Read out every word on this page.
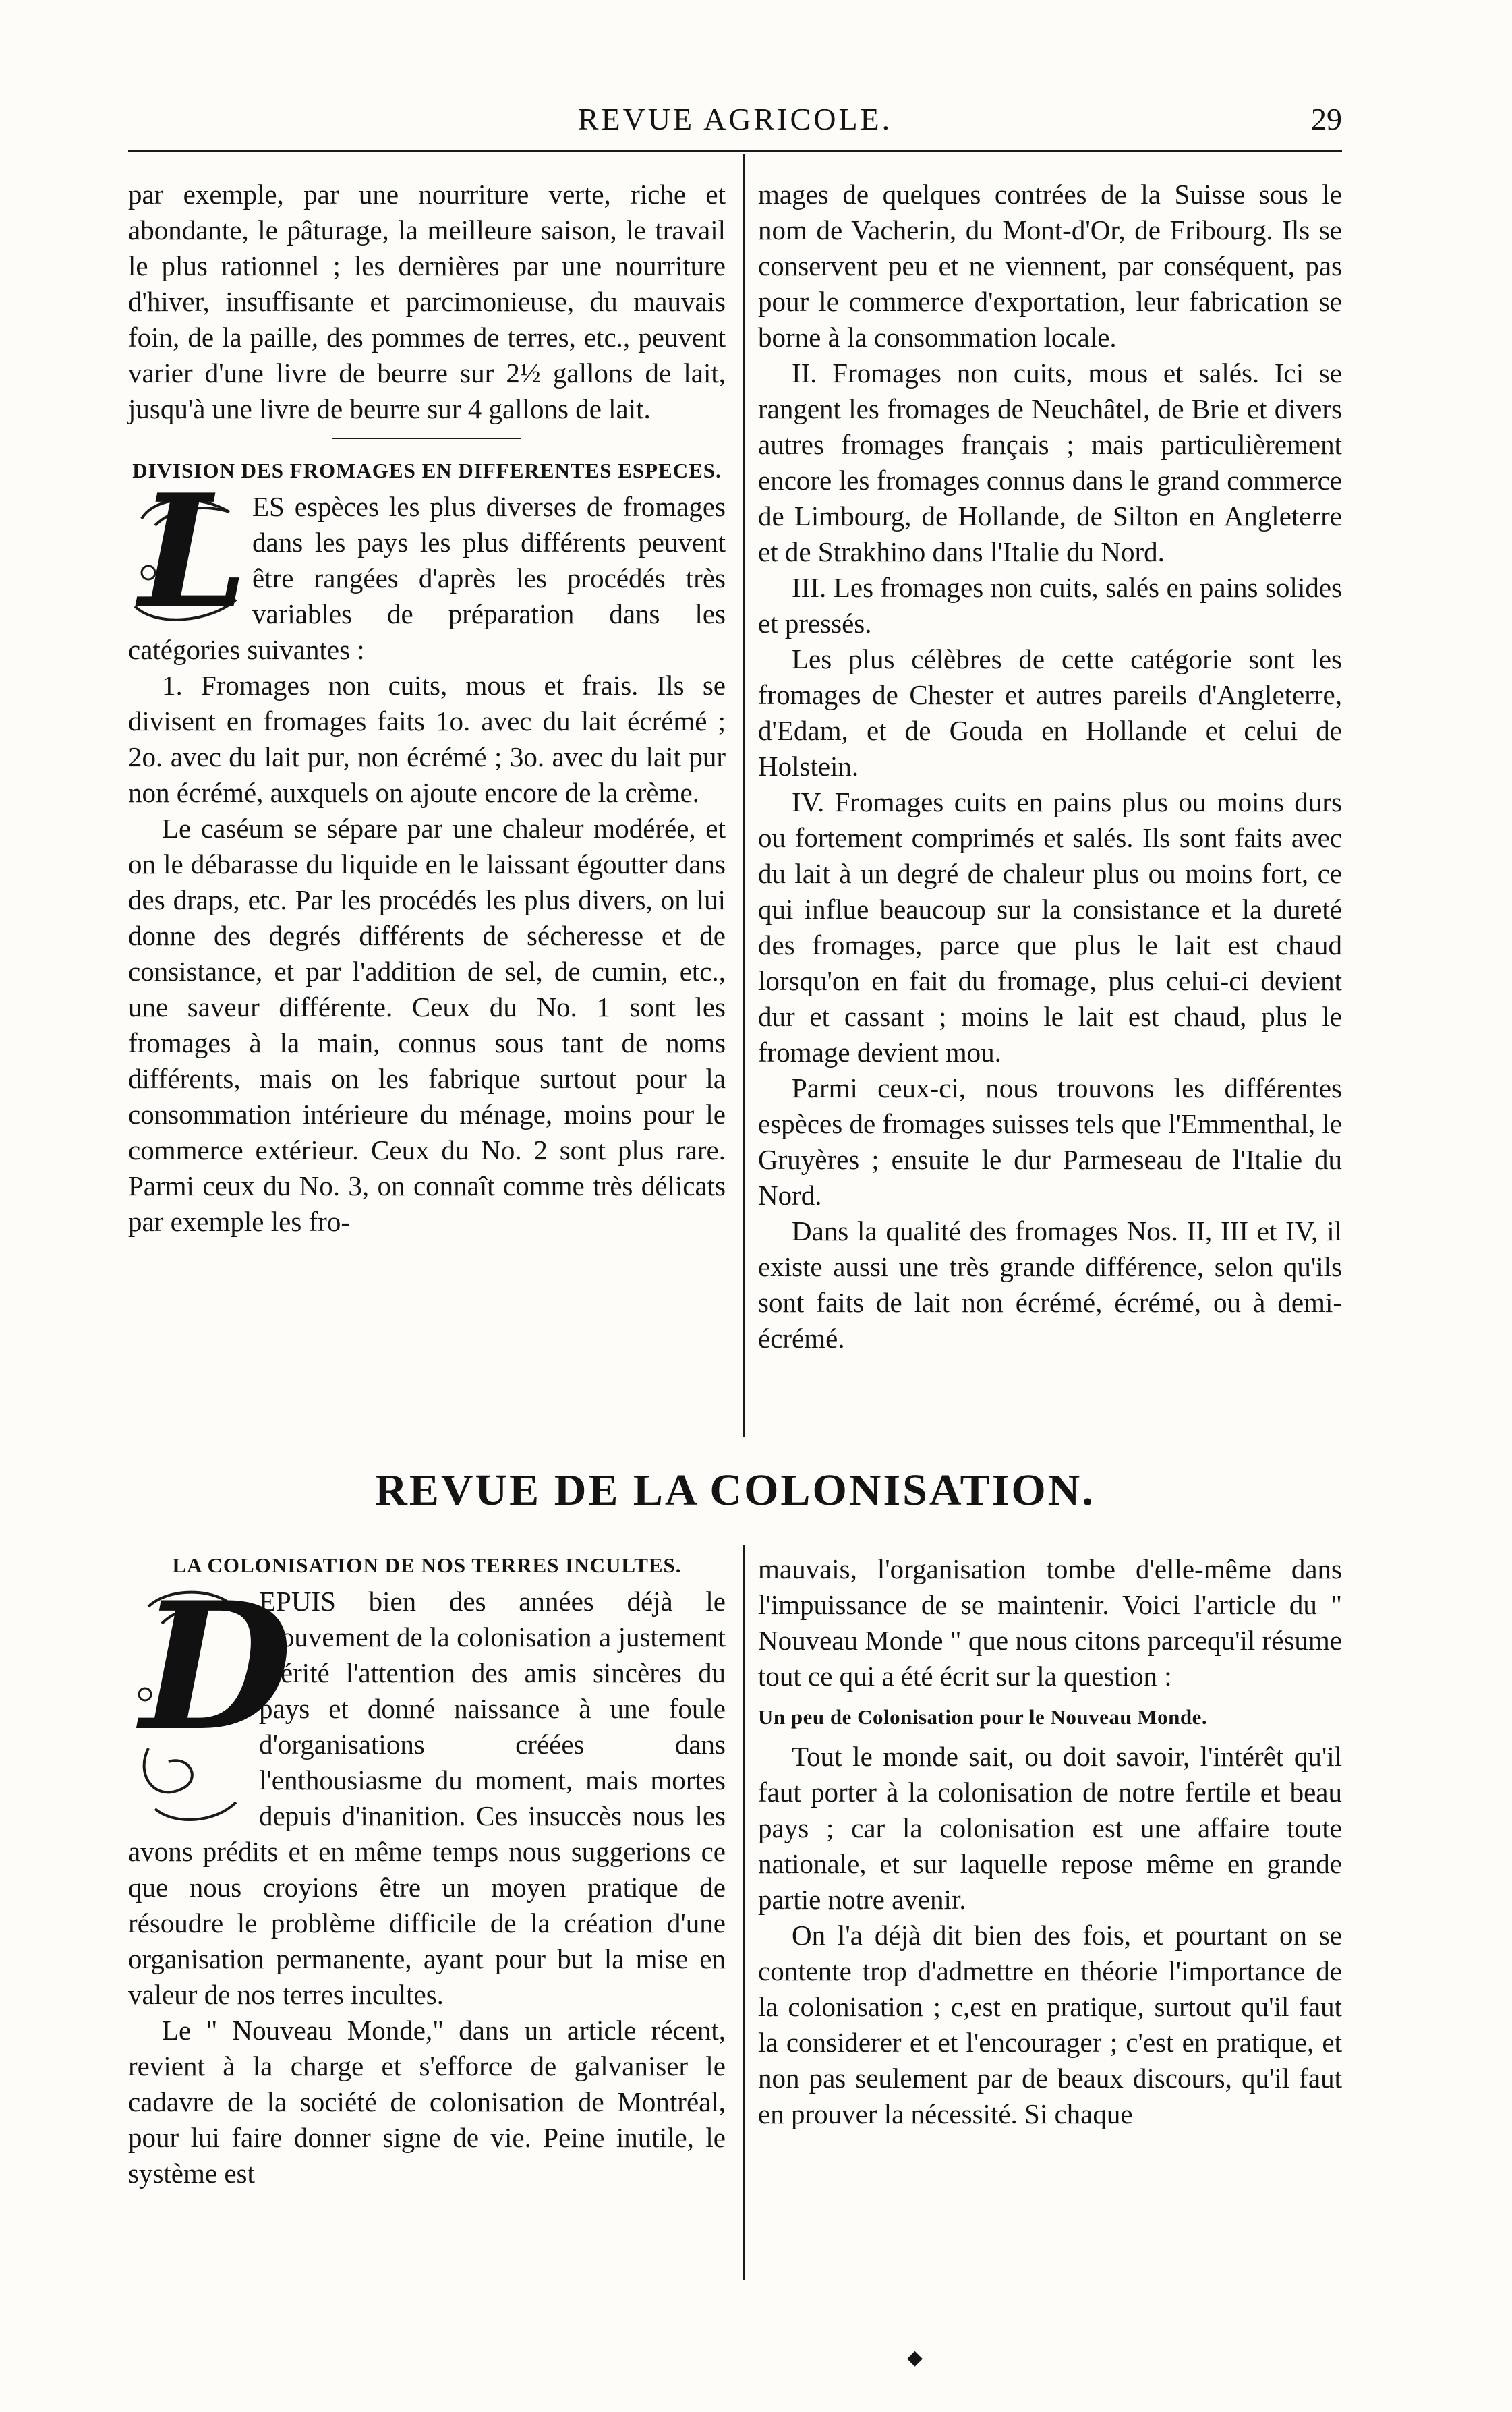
REVUE AGRICOLE.	29

par exemple, par une nourriture verte, riche et abondante, le pâturage, la meilleure saison, le travail le plus rationnel ; les dernières par une nourriture d'hiver, insuffisante et parcimonieuse, du mauvais foin, de la paille, des pommes de terres, etc., peuvent varier d'une livre de beurre sur 2½ gallons de lait, jusqu'à une livre de beurre sur 4 gallons de lait.

DIVISION DES FROMAGES EN DIFFERENTES ESPECES.

L ES espèces les plus diverses de fromages dans les pays les plus différents peuvent être rangées d'après les procédés très variables de préparation dans les catégories suivantes :

1. Fromages non cuits, mous et frais. Ils se divisent en fromages faits 1o. avec du lait écrémé ; 2o. avec du lait pur, non écrémé ; 3o. avec du lait pur non écrémé, auxquels on ajoute encore de la crème.

Le caséum se sépare par une chaleur modérée, et on le débarasse du liquide en le laissant égoutter dans des draps, etc. Par les procédés les plus divers, on lui donne des degrés différents de sécheresse et de consistance, et par l'addition de sel, de cumin, etc., une saveur différente. Ceux du No. 1 sont les fromages à la main, connus sous tant de noms différents, mais on les fabrique surtout pour la consommation intérieure du ménage, moins pour le commerce extérieur. Ceux du No. 2 sont plus rare. Parmi ceux du No. 3, on connaît comme très délicats par exemple les fro-

mages de quelques contrées de la Suisse sous le nom de Vacherin, du Mont-d'Or, de Fribourg. Ils se conservent peu et ne viennent, par conséquent, pas pour le commerce d'exportation, leur fabrication se borne à la consommation locale.

II. Fromages non cuits, mous et salés. Ici se rangent les fromages de Neuchâtel, de Brie et divers autres fromages français ; mais particulièrement encore les fromages connus dans le grand commerce de Limbourg, de Hollande, de Silton en Angleterre et de Strakhino dans l'Italie du Nord.

III. Les fromages non cuits, salés en pains solides et pressés.

Les plus célèbres de cette catégorie sont les fromages de Chester et autres pareils d'Angleterre, d'Edam, et de Gouda en Hollande et celui de Holstein.

IV. Fromages cuits en pains plus ou moins durs ou fortement comprimés et salés. Ils sont faits avec du lait à un degré de chaleur plus ou moins fort, ce qui influe beaucoup sur la consistance et la dureté des fromages, parce que plus le lait est chaud lorsqu'on en fait du fromage, plus celui-ci devient dur et cassant ; moins le lait est chaud, plus le fromage devient mou.

Parmi ceux-ci, nous trouvons les différentes espèces de fromages suisses tels que l'Emmenthal, le Gruyères ; ensuite le dur Parmeseau de l'Italie du Nord.

Dans la qualité des fromages Nos. II, III et IV, il existe aussi une très grande différence, selon qu'ils sont faits de lait non écrémé, écrémé, ou à demi-écrémé.

REVUE DE LA COLONISATION.
LA COLONISATION DE NOS TERRES INCULTES.

D
EPUIS bien des années déjà le mouvement de la colonisation a justement mérité l'attention des amis sincères du pays et donné naissance à une foule d'organisations créées dans l'enthousiasme du moment, mais mortes depuis d'inanition. Ces insuccès nous les avons prédits et en même temps nous suggerions ce que nous croyions être un moyen pratique de résoudre le problème difficile de la création d'une organisation permanente, ayant pour but la mise en valeur de nos terres incultes.

Le " Nouveau Monde," dans un article récent, revient à la charge et s'efforce de galvaniser le cadavre de la société de colonisation de Montréal, pour lui faire donner signe de vie. Peine inutile, le système est

mauvais, l'organisation tombe d'elle-même dans l'impuissance de se maintenir. Voici l'article du " Nouveau Monde " que nous citons parcequ'il résume tout ce qui a été écrit sur la question :

Un peu de Colonisation pour le Nouveau Monde.

Tout le monde sait, ou doit savoir, l'intérêt qu'il faut porter à la colonisation de notre fertile et beau pays ; car la colonisation est une affaire toute nationale, et sur laquelle repose même en grande partie notre avenir.

On l'a déjà dit bien des fois, et pourtant on se contente trop d'admettre en théorie l'importance de la colonisation ; c,est en pratique, surtout qu'il faut la considerer et et l'encourager ; c'est en pratique, et non pas seulement par de beaux discours, qu'il faut en prouver la nécessité. Si chaque

◆
